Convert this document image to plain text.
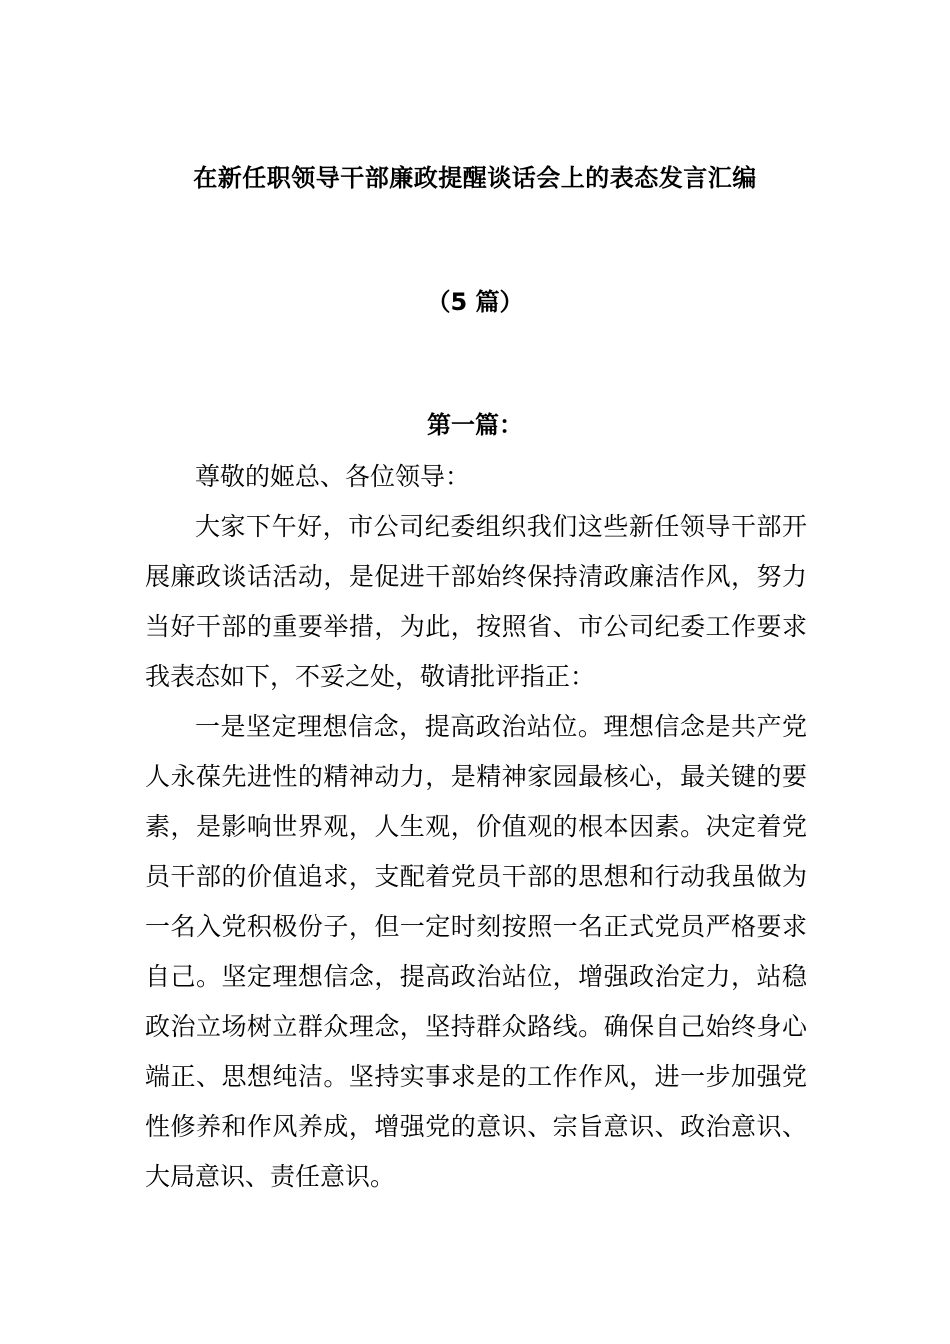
在新任职领导干部廉政提醒谈话会上的表态发言汇编
（5 篇）
第一篇：

尊敬的姬总、各位领导：

大家下午好，市公司纪委组织我们这些新任领导干部开展廉政谈话活动，是促进干部始终保持清政廉洁作风，努力当好干部的重要举措，为此，按照省、市公司纪委工作要求我表态如下，不妥之处，敬请批评指正：

一是坚定理想信念，提高政治站位。理想信念是共产党人永葆先进性的精神动力，是精神家园最核心，最关键的要素，是影响世界观，人生观，价值观的根本因素。决定着党员干部的价值追求，支配着党员干部的思想和行动我虽做为一名入党积极份子，但一定时刻按照一名正式党员严格要求自己。坚定理想信念，提高政治站位，增强政治定力，站稳政治立场树立群众理念，坚持群众路线。确保自己始终身心端正、思想纯洁。坚持实事求是的工作作风，进一步加强党性修养和作风养成，增强党的意识、宗旨意识、政治意识、大局意识、责任意识。
